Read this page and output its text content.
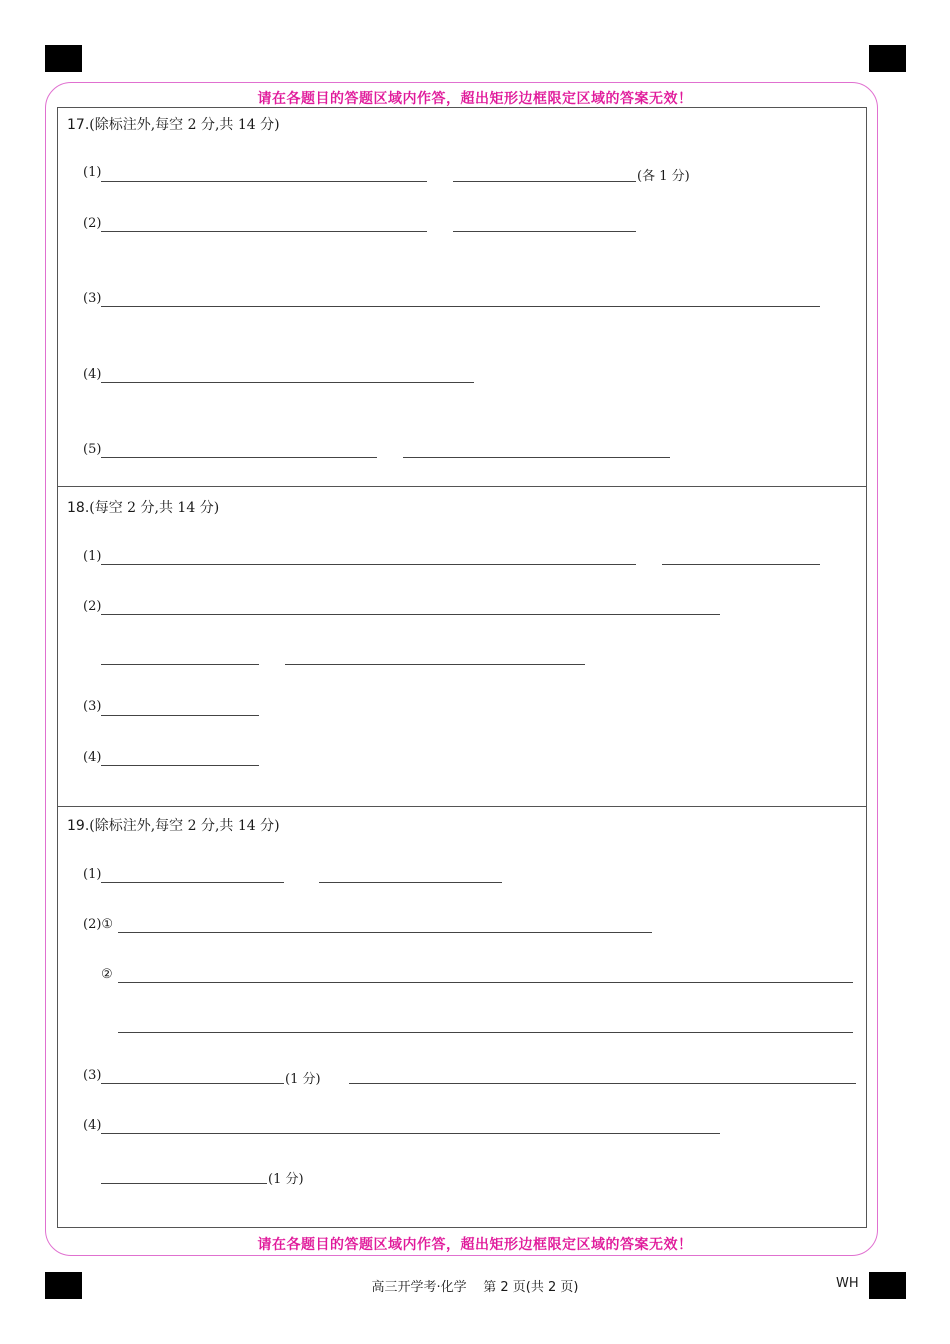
请在各题目的答题区域内作答，超出矩形边框限定区域的答案无效！
17.(除标注外,每空 2 分,共 14 分)
(1)	(各 1 分)
(2)
(3)
(4)
(5)
18.(每空 2 分,共 14 分)
(1)
(2)
(3)
(4)
19.(除标注外,每空 2 分,共 14 分)
(1)
(2)①
②
(3)	(1 分)
(4)
(1 分)
请在各题目的答题区域内作答，超出矩形边框限定区域的答案无效！
高三开学考·化学    第 2 页(共 2 页)	WH
